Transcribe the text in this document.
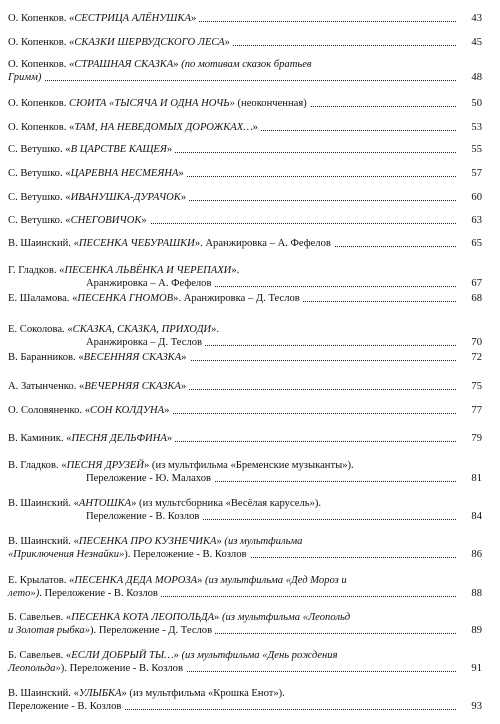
О. Копенков. «СЕСТРИЦА АЛЁНУШКА»	43
О. Копенков. «СКАЗКИ ШЕРВУДСКОГО ЛЕСА»	45
О. Копенков. «СТРАШНАЯ СКАЗКА» (по мотивам сказок братьев
Гримм)	48
О. Копенков. СЮИТА «ТЫСЯЧА И ОДНА НОЧЬ» (неоконченная)	50
О. Копенков. «ТАМ, НА НЕВЕДОМЫХ ДОРОЖКАХ…»	53
С. Ветушко. «В ЦАРСТВЕ КАЩЕЯ»	55
С. Ветушко. «ЦАРЕВНА НЕСМЕЯНА»	57
С. Ветушко. «ИВАНУШКА-ДУРАЧОК»	60
С. Ветушко. «СНЕГОВИЧОК»	63
В. Шаинский. «ПЕСЕНКА ЧЕБУРАШКИ». Аранжировка – А. Фефелов	65
Г. Гладков. «ПЕСЕНКА ЛЬВЁНКА И ЧЕРЕПАХИ».
Аранжировка – А. Фефелов	67
Е. Шаламова. «ПЕСЕНКА ГНОМОВ». Аранжировка – Д. Теслов	68
Е. Соколова. «СКАЗКА, СКАЗКА, ПРИХОДИ».
Аранжировка – Д. Теслов	70
В. Баранников. «ВЕСЕННЯЯ СКАЗКА»	72
А. Затынченко. «ВЕЧЕРНЯЯ СКАЗКА»	75
О. Соловяненко. «СОН КОЛДУНА»	77
В. Каминик. «ПЕСНЯ ДЕЛЬФИНА»	79
В. Гладков. «ПЕСНЯ ДРУЗЕЙ» (из мультфильма «Бременские музыканты»).
Переложение - Ю. Малахов	81
В. Шаинский. «АНТОШКА» (из мультсборника «Весёлая карусель»).
Переложение - В. Козлов	84
В. Шаинский. «ПЕСЕНКА ПРО КУЗНЕЧИКА» (из мультфильма
«Приключения Незнайки»). Переложение - В. Козлов	86
Е. Крылатов. «ПЕСЕНКА ДЕДА МОРОЗА» (из мультфильма «Дед Мороз и
лето»). Переложение - В. Козлов	88
Б. Савельев. «ПЕСЕНКА КОТА ЛЕОПОЛЬДА» (из мультфильма «Леопольд
и Золотая рыбка»). Переложение - Д. Теслов	89
Б. Савельев. «ЕСЛИ ДОБРЫЙ ТЫ…» (из мультфильма «День рождения
Леопольда»). Переложение - В. Козлов	91
В. Шаинский. «УЛЫБКА» (из мультфильма «Крошка Енот»).
Переложение - В. Козлов	93
